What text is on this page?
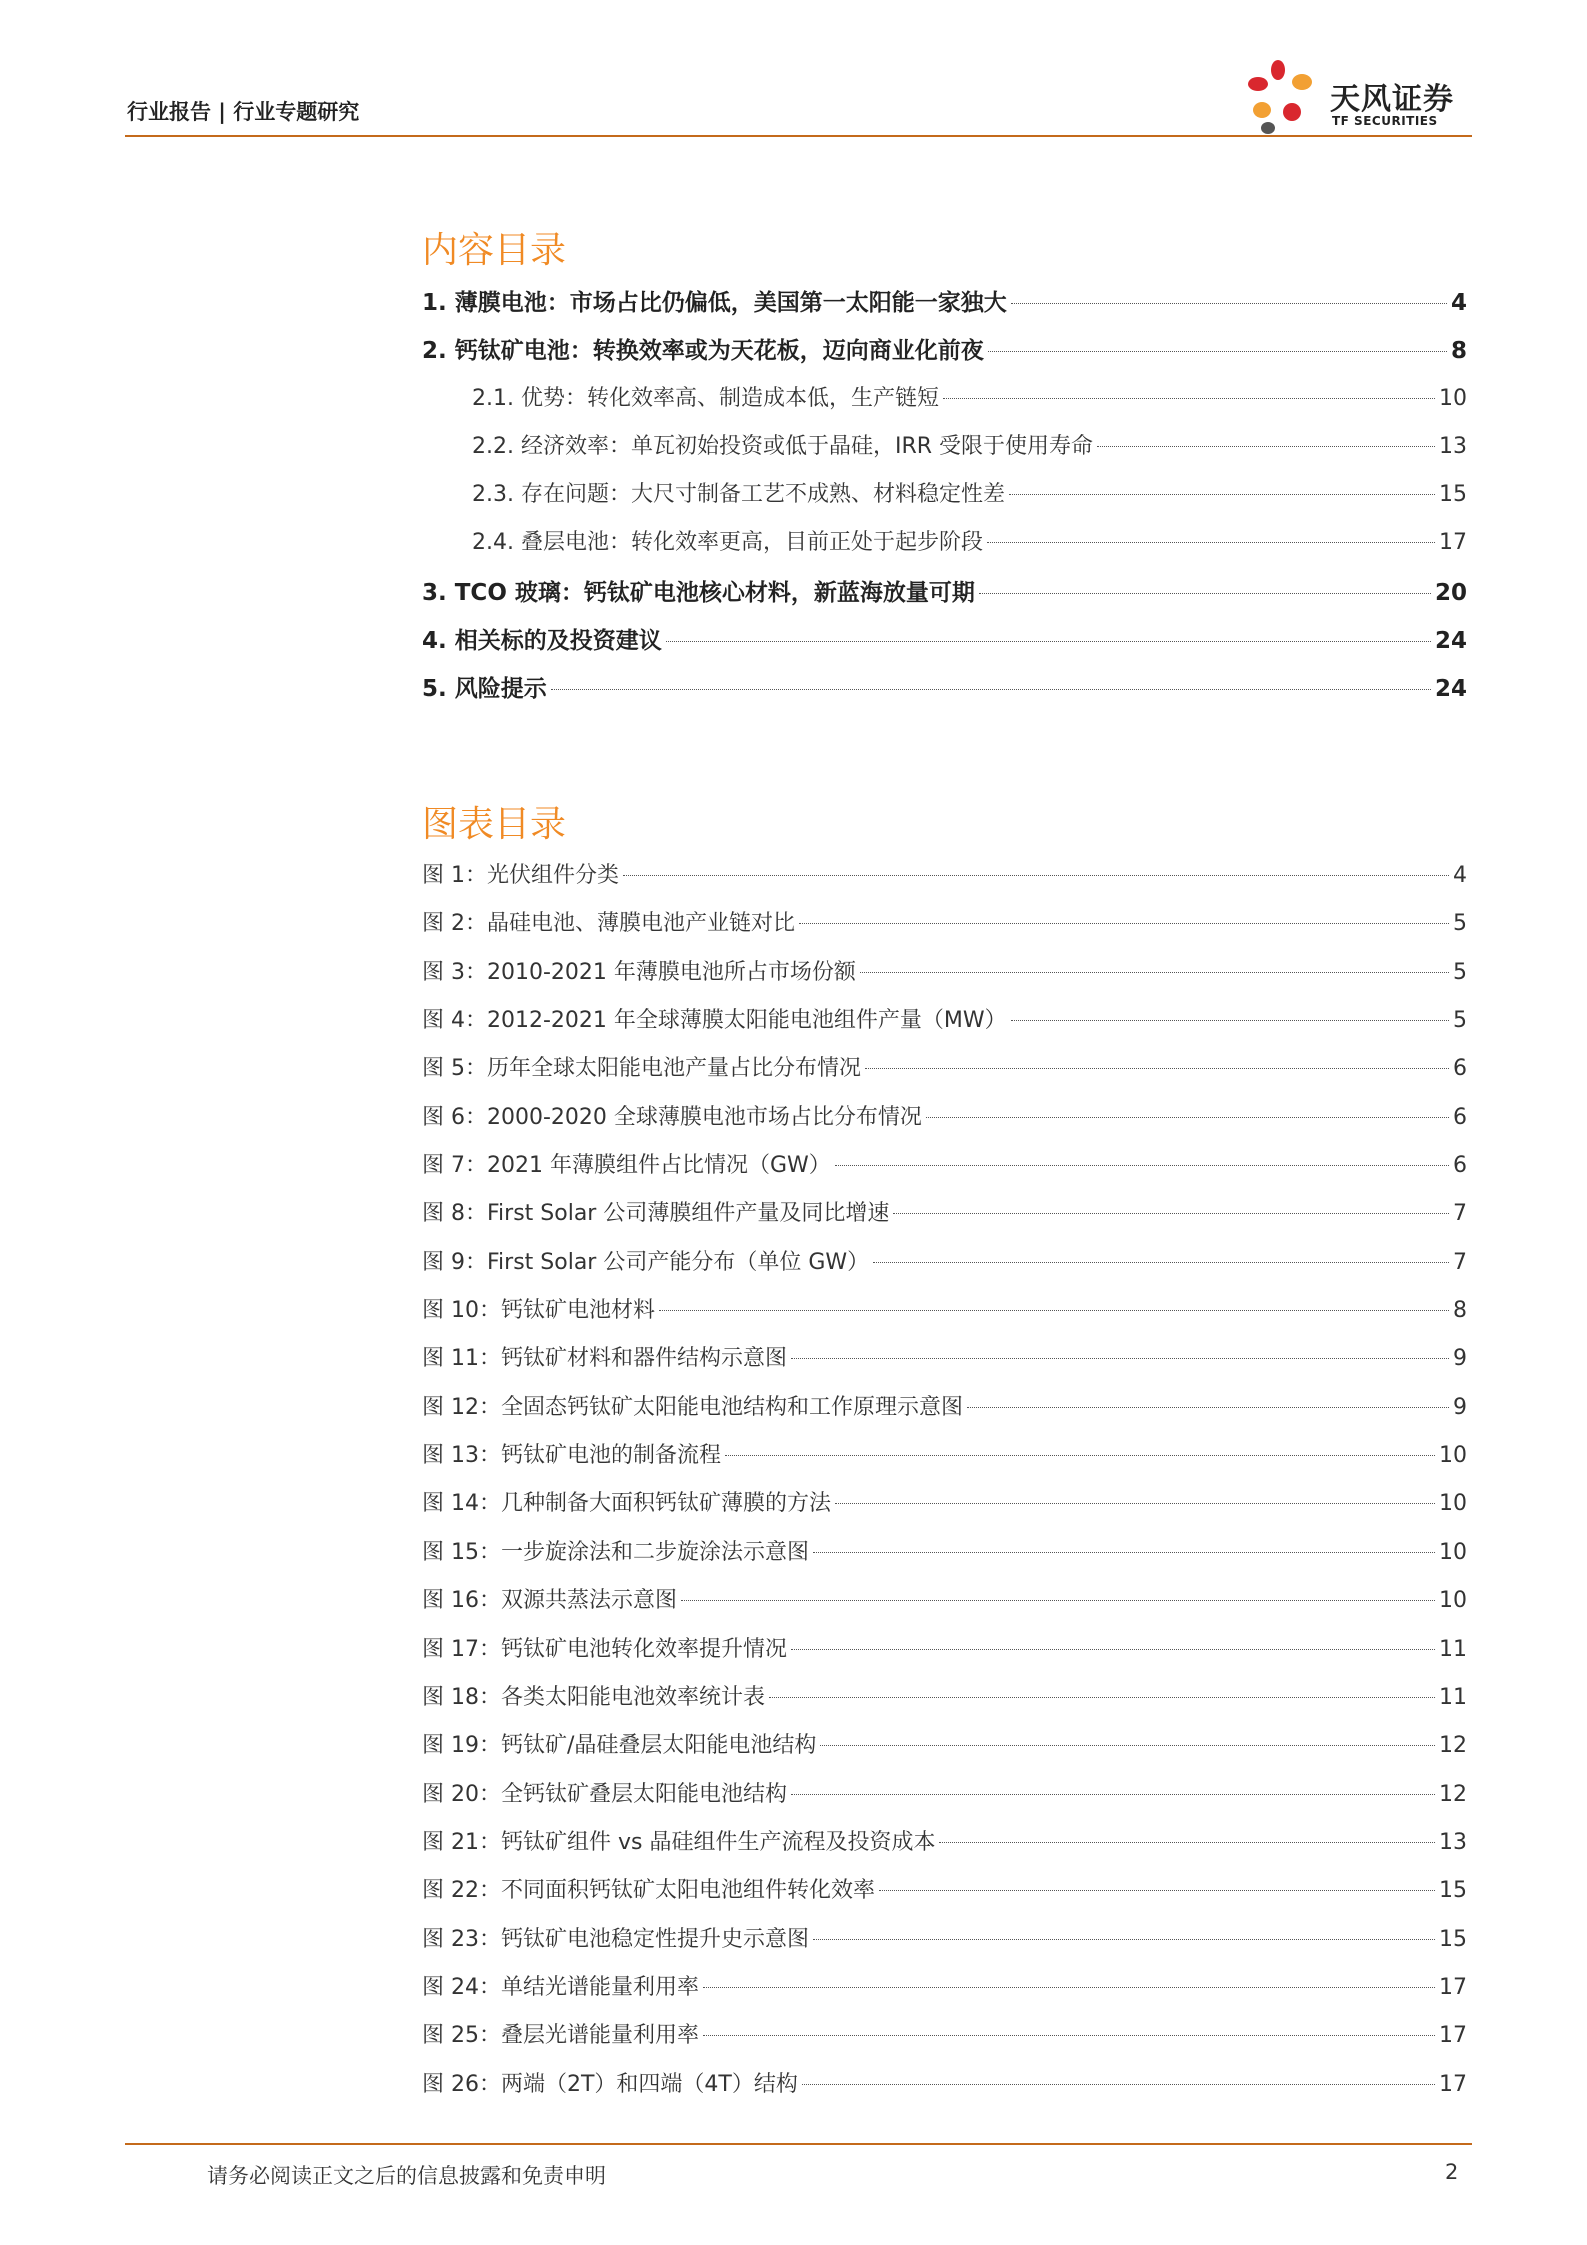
行业报告 | 行业专题研究	天风证券
TF SECURITIES
内容目录
1. 薄膜电池：市场占比仍偏低，美国第一太阳能一家独大	4
2. 钙钛矿电池：转换效率或为天花板，迈向商业化前夜	8
2.1. 优势：转化效率高、制造成本低，生产链短	10
2.2. 经济效率：单瓦初始投资或低于晶硅，IRR 受限于使用寿命	13
2.3. 存在问题：大尺寸制备工艺不成熟、材料稳定性差	15
2.4. 叠层电池：转化效率更高，目前正处于起步阶段	17
3. TCO 玻璃：钙钛矿电池核心材料，新蓝海放量可期	20
4. 相关标的及投资建议	24
5. 风险提示	24
图表目录
图 1：光伏组件分类	4
图 2：晶硅电池、薄膜电池产业链对比	5
图 3：2010-2021 年薄膜电池所占市场份额	5
图 4：2012-2021 年全球薄膜太阳能电池组件产量（MW）	5
图 5：历年全球太阳能电池产量占比分布情况	6
图 6：2000-2020 全球薄膜电池市场占比分布情况	6
图 7：2021 年薄膜组件占比情况（GW）	6
图 8：First Solar 公司薄膜组件产量及同比增速	7
图 9：First Solar 公司产能分布（单位 GW）	7
图 10：钙钛矿电池材料	8
图 11：钙钛矿材料和器件结构示意图	9
图 12：全固态钙钛矿太阳能电池结构和工作原理示意图	9
图 13：钙钛矿电池的制备流程	10
图 14：几种制备大面积钙钛矿薄膜的方法	10
图 15：一步旋涂法和二步旋涂法示意图	10
图 16：双源共蒸法示意图	10
图 17：钙钛矿电池转化效率提升情况	11
图 18：各类太阳能电池效率统计表	11
图 19：钙钛矿/晶硅叠层太阳能电池结构	12
图 20：全钙钛矿叠层太阳能电池结构	12
图 21：钙钛矿组件 vs 晶硅组件生产流程及投资成本	13
图 22：不同面积钙钛矿太阳电池组件转化效率	15
图 23：钙钛矿电池稳定性提升史示意图	15
图 24：单结光谱能量利用率	17
图 25：叠层光谱能量利用率	17
图 26：两端（2T）和四端（4T）结构	17
请务必阅读正文之后的信息披露和免责申明	2
